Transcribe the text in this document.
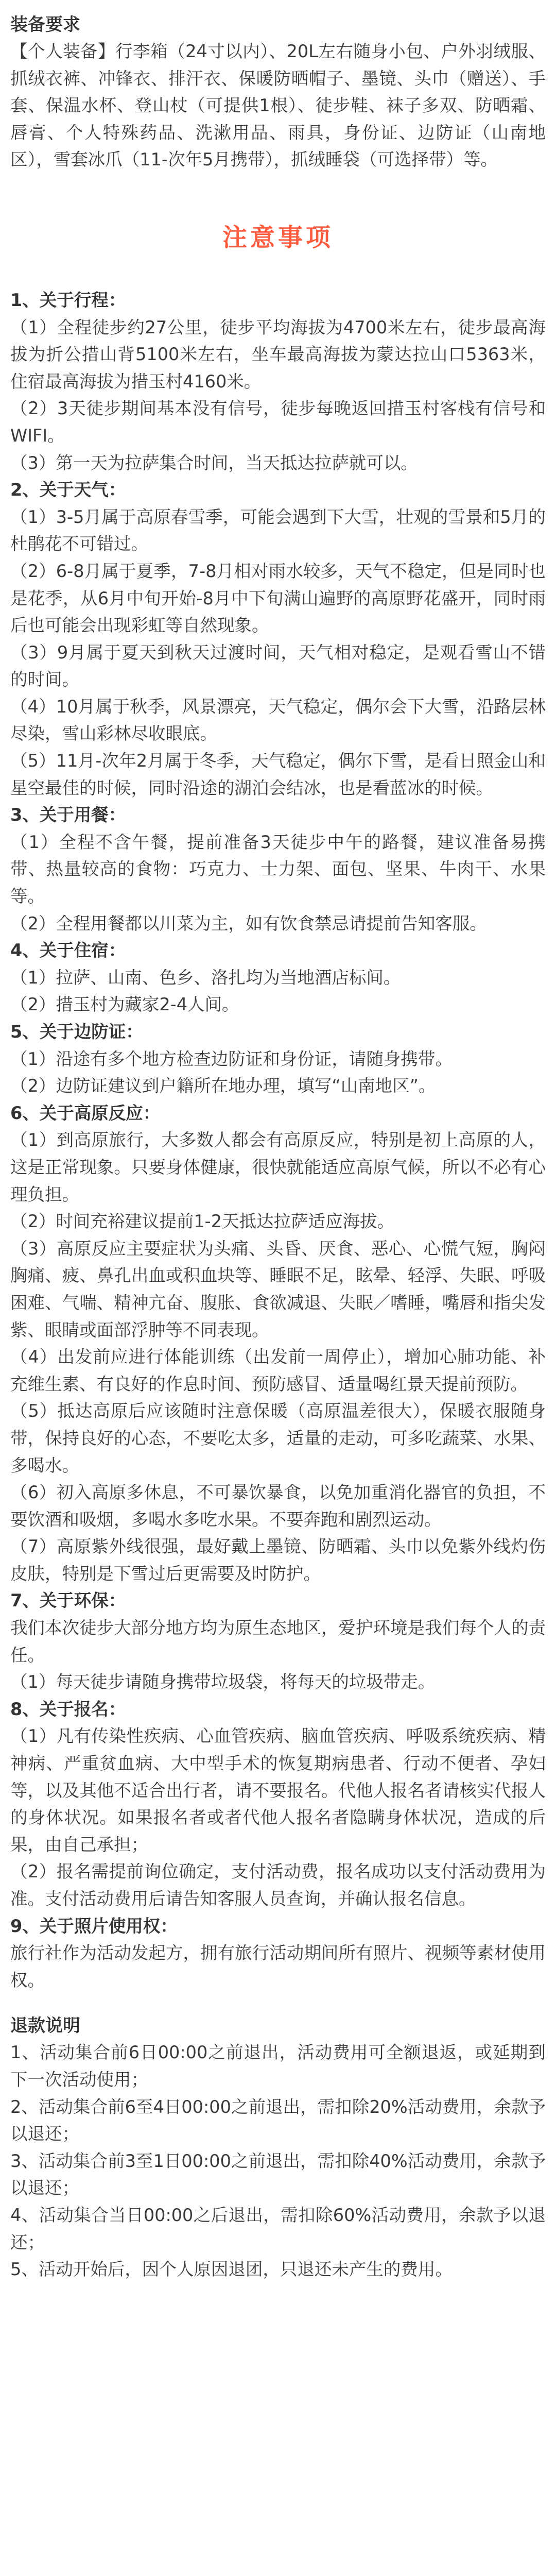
装备要求

【个人装备】行李箱（24寸以内）、20L左右随身小包、户外羽绒服、抓绒衣裤、冲锋衣、排汗衣、保暖防晒帽子、墨镜、头巾（赠送）、手套、保温水杯、登山杖（可提供1根）、徒步鞋、袜子多双、防晒霜、唇膏、个人特殊药品、洗漱用品、雨具，身份证、边防证（山南地区），雪套冰爪（11-次年5月携带），抓绒睡袋（可选择带）等。

注意事项

1、关于行程：

（1）全程徒步约27公里，徒步平均海拔为4700米左右，徒步最高海拔为折公措山背5100米左右，坐车最高海拔为蒙达拉山口5363米，住宿最高海拔为措玉村4160米。

（2）3天徒步期间基本没有信号，徒步每晚返回措玉村客栈有信号和WIFI。

（3）第一天为拉萨集合时间，当天抵达拉萨就可以。

2、关于天气：

（1）3-5月属于高原春雪季，可能会遇到下大雪，壮观的雪景和5月的杜鹃花不可错过。

（2）6-8月属于夏季，7-8月相对雨水较多，天气不稳定，但是同时也是花季，从6月中旬开始-8月中下旬满山遍野的高原野花盛开，同时雨后也可能会出现彩虹等自然现象。

（3）9月属于夏天到秋天过渡时间，天气相对稳定，是观看雪山不错的时间。

（4）10月属于秋季，风景漂亮，天气稳定，偶尔会下大雪，沿路层林尽染，雪山彩林尽收眼底。

（5）11月-次年2月属于冬季，天气稳定，偶尔下雪，是看日照金山和星空最佳的时候，同时沿途的湖泊会结冰，也是看蓝冰的时候。

3、关于用餐：

（1）全程不含午餐，提前准备3天徒步中午的路餐，建议准备易携带、热量较高的食物：巧克力、士力架、面包、坚果、牛肉干、水果等。

（2）全程用餐都以川菜为主，如有饮食禁忌请提前告知客服。

4、关于住宿：

（1）拉萨、山南、色乡、洛扎均为当地酒店标间。

（2）措玉村为藏家2-4人间。

5、关于边防证：

（1）沿途有多个地方检查边防证和身份证，请随身携带。

（2）边防证建议到户籍所在地办理，填写“山南地区”。

6、关于高原反应：

（1）到高原旅行，大多数人都会有高原反应，特别是初上高原的人，这是正常现象。只要身体健康，很快就能适应高原气候，所以不必有心理负担。

（2）时间充裕建议提前1-2天抵达拉萨适应海拔。

（3）高原反应主要症状为头痛、头昏、厌食、恶心、心慌气短，胸闷胸痛、疲、鼻孔出血或积血块等、睡眠不足，眩晕、轻浮、失眠、呼吸困难、气喘、精神亢奋、腹胀、食欲减退、失眠／嗜睡，嘴唇和指尖发紫、眼睛或面部浮肿等不同表现。

（4）出发前应进行体能训练（出发前一周停止），增加心肺功能、补充维生素、有良好的作息时间、预防感冒、适量喝红景天提前预防。

（5）抵达高原后应该随时注意保暖（高原温差很大），保暖衣服随身带，保持良好的心态，不要吃太多，适量的走动，可多吃蔬菜、水果、多喝水。

（6）初入高原多休息，不可暴饮暴食，以免加重消化器官的负担，不要饮酒和吸烟，多喝水多吃水果。不要奔跑和剧烈运动。

（7）高原紫外线很强，最好戴上墨镜、防晒霜、头巾以免紫外线灼伤皮肤，特别是下雪过后更需要及时防护。

7、关于环保：

我们本次徒步大部分地方均为原生态地区，爱护环境是我们每个人的责任。

（1）每天徒步请随身携带垃圾袋，将每天的垃圾带走。

8、关于报名：

（1）凡有传染性疾病、心血管疾病、脑血管疾病、呼吸系统疾病、精神病、严重贫血病、大中型手术的恢复期病患者、行动不便者、孕妇等，以及其他不适合出行者，请不要报名。代他人报名者请核实代报人的身体状况。如果报名者或者代他人报名者隐瞒身体状况，造成的后果，由自己承担；

（2）报名需提前询位确定，支付活动费，报名成功以支付活动费用为准。支付活动费用后请告知客服人员查询，并确认报名信息。

9、关于照片使用权：

旅行社作为活动发起方，拥有旅行活动期间所有照片、视频等素材使用权。

退款说明

1、活动集合前6日00:00之前退出，活动费用可全额退返，或延期到下一次活动使用；

2、活动集合前6至4日00:00之前退出，需扣除20%活动费用，余款予以退还；

3、活动集合前3至1日00:00之前退出，需扣除40%活动费用，余款予以退还；

4、活动集合当日00:00之后退出，需扣除60%活动费用，余款予以退还；

5、活动开始后，因个人原因退团，只退还未产生的费用。
